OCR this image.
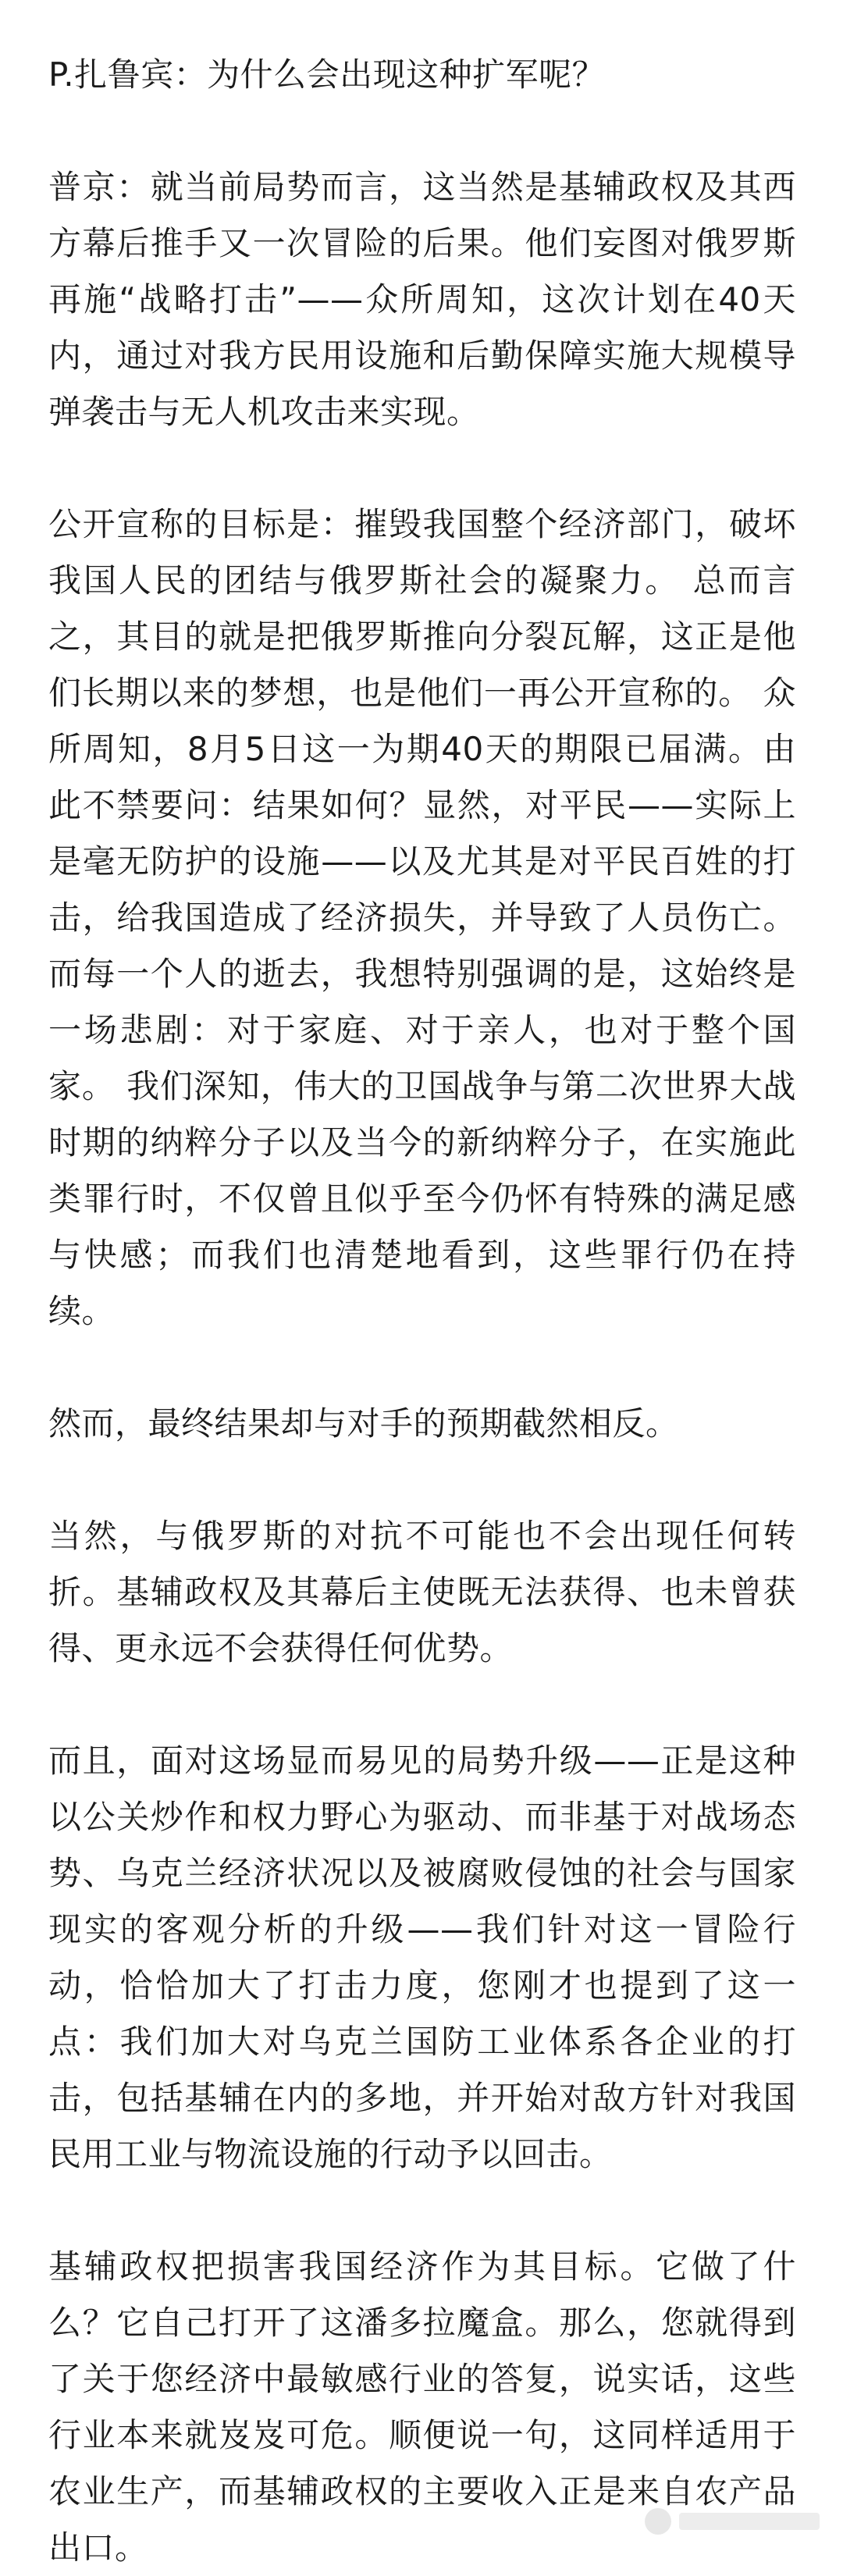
P.扎鲁宾：为什么会出现这种扩军呢？

普京：就当前局势而言，这当然是基辅政权及其西方幕后推手又一次冒险的后果。他们妄图对俄罗斯再施“战略打击”——众所周知，这次计划在40天内，通过对我方民用设施和后勤保障实施大规模导弹袭击与无人机攻击来实现。

公开宣称的目标是：摧毁我国整个经济部门，破坏我国人民的团结与俄罗斯社会的凝聚力。 总而言之，其目的就是把俄罗斯推向分裂瓦解，这正是他们长期以来的梦想，也是他们一再公开宣称的。 众所周知，8月5日这一为期40天的期限已届满。由此不禁要问：结果如何？显然，对平民——实际上是毫无防护的设施——以及尤其是对平民百姓的打击，给我国造成了经济损失，并导致了人员伤亡。而每一个人的逝去，我想特别强调的是，这始终是一场悲剧：对于家庭、对于亲人，也对于整个国家。 我们深知，伟大的卫国战争与第二次世界大战时期的纳粹分子以及当今的新纳粹分子，在实施此类罪行时，不仅曾且似乎至今仍怀有特殊的满足感与快感；而我们也清楚地看到，这些罪行仍在持续。

然而，最终结果却与对手的预期截然相反。

当然，与俄罗斯的对抗不可能也不会出现任何转折。基辅政权及其幕后主使既无法获得、也未曾获得、更永远不会获得任何优势。

而且，面对这场显而易见的局势升级——正是这种以公关炒作和权力野心为驱动、而非基于对战场态势、乌克兰经济状况以及被腐败侵蚀的社会与国家现实的客观分析的升级——我们针对这一冒险行动，恰恰加大了打击力度，您刚才也提到了这一点：我们加大对乌克兰国防工业体系各企业的打击，包括基辅在内的多地，并开始对敌方针对我国民用工业与物流设施的行动予以回击。

基辅政权把损害我国经济作为其目标。它做了什么？它自己打开了这潘多拉魔盒。那么，您就得到了关于您经济中最敏感行业的答复，说实话，这些行业本来就岌岌可危。顺便说一句，这同样适用于农业生产，而基辅政权的主要收入正是来自农产品出口。
